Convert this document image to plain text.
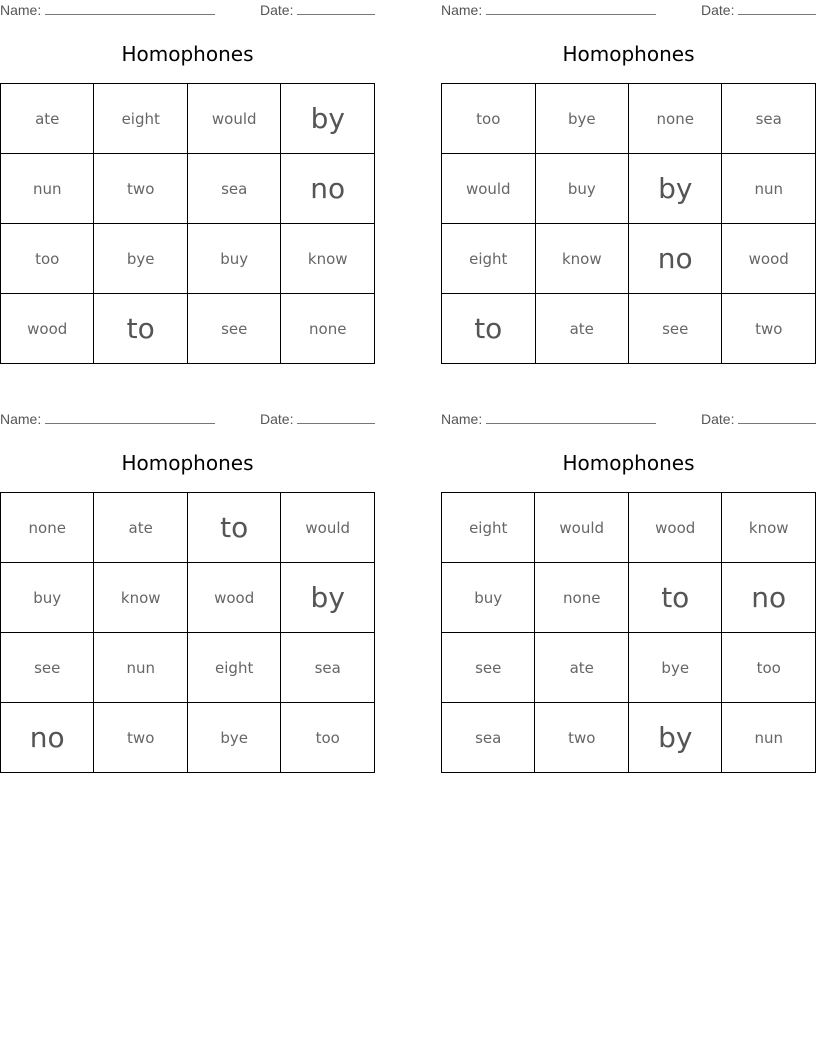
Name:	Date:
Homophones
ate	eight	would	by
nun	two	sea	no
too	bye	buy	know
wood	to	see	none
Name:	Date:
Homophones
too	bye	none	sea
would	buy	by	nun
eight	know	no	wood
to	ate	see	two
Name:	Date:
Homophones
none	ate	to	would
buy	know	wood	by
see	nun	eight	sea
no	two	bye	too
Name:	Date:
Homophones
eight	would	wood	know
buy	none	to	no
see	ate	bye	too
sea	two	by	nun
